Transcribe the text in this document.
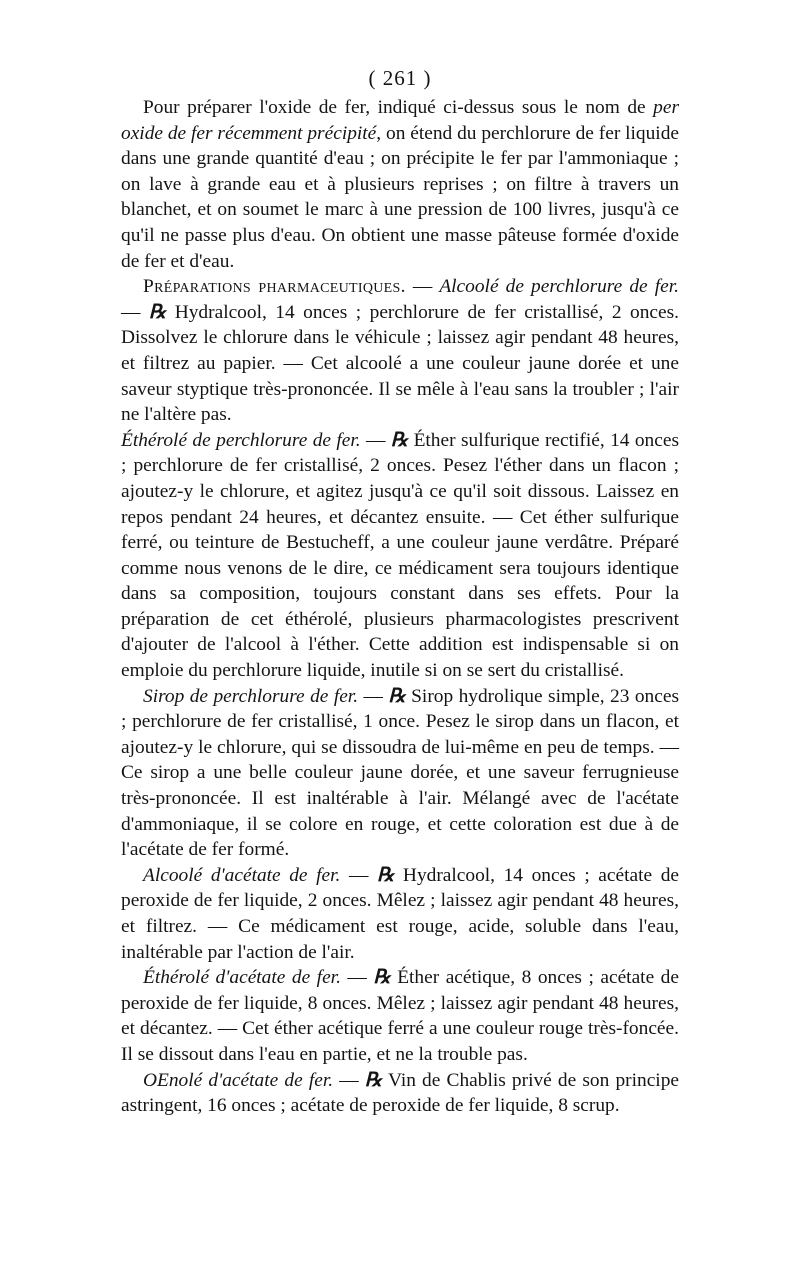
( 261 )

Pour préparer l'oxide de fer, indiqué ci-dessus sous le nom de per oxide de fer récemment précipité, on étend du perchlorure de fer liquide dans une grande quantité d'eau ; on précipite le fer par l'ammoniaque ; on lave à grande eau et à plusieurs reprises ; on filtre à travers un blanchet, et on soumet le marc à une pression de 100 livres, jusqu'à ce qu'il ne passe plus d'eau. On obtient une masse pâteuse formée d'oxide de fer et d'eau.

Préparations pharmaceutiques. — Alcoolé de perchlorure de fer. — ℞ Hydralcool, 14 onces ; perchlorure de fer cristallisé, 2 onces. Dissolvez le chlorure dans le véhicule ; laissez agir pendant 48 heures, et filtrez au papier. — Cet alcoolé a une couleur jaune dorée et une saveur styptique très-prononcée. Il se mêle à l'eau sans la troubler ; l'air ne l'altère pas.

Éthérolé de perchlorure de fer. — ℞ Éther sulfurique rectifié, 14 onces ; perchlorure de fer cristallisé, 2 onces. Pesez l'éther dans un flacon ; ajoutez-y le chlorure, et agitez jusqu'à ce qu'il soit dissous. Laissez en repos pendant 24 heures, et décantez ensuite. — Cet éther sulfurique ferré, ou teinture de Bestucheff, a une couleur jaune verdâtre. Préparé comme nous venons de le dire, ce médicament sera toujours identique dans sa composition, toujours constant dans ses effets. Pour la préparation de cet éthérolé, plusieurs pharmacologistes prescrivent d'ajouter de l'alcool à l'éther. Cette addition est indispensable si on emploie du perchlorure liquide, inutile si on se sert du cristallisé.

Sirop de perchlorure de fer. — ℞ Sirop hydrolique simple, 23 onces ; perchlorure de fer cristallisé, 1 once. Pesez le sirop dans un flacon, et ajoutez-y le chlorure, qui se dissoudra de lui-même en peu de temps. — Ce sirop a une belle couleur jaune dorée, et une saveur ferrugnieuse très-prononcée. Il est inaltérable à l'air. Mélangé avec de l'acétate d'ammoniaque, il se colore en rouge, et cette coloration est due à de l'acétate de fer formé.

Alcoolé d'acétate de fer. — ℞ Hydralcool, 14 onces ; acétate de peroxide de fer liquide, 2 onces. Mêlez ; laissez agir pendant 48 heures, et filtrez. — Ce médicament est rouge, acide, soluble dans l'eau, inaltérable par l'action de l'air.

Éthérolé d'acétate de fer. — ℞ Éther acétique, 8 onces ; acétate de peroxide de fer liquide, 8 onces. Mêlez ; laissez agir pendant 48 heures, et décantez. — Cet éther acétique ferré a une couleur rouge très-foncée. Il se dissout dans l'eau en partie, et ne la trouble pas.

OEnolé d'acétate de fer. — ℞ Vin de Chablis privé de son principe astringent, 16 onces ; acétate de peroxide de fer liquide, 8 scrup.
